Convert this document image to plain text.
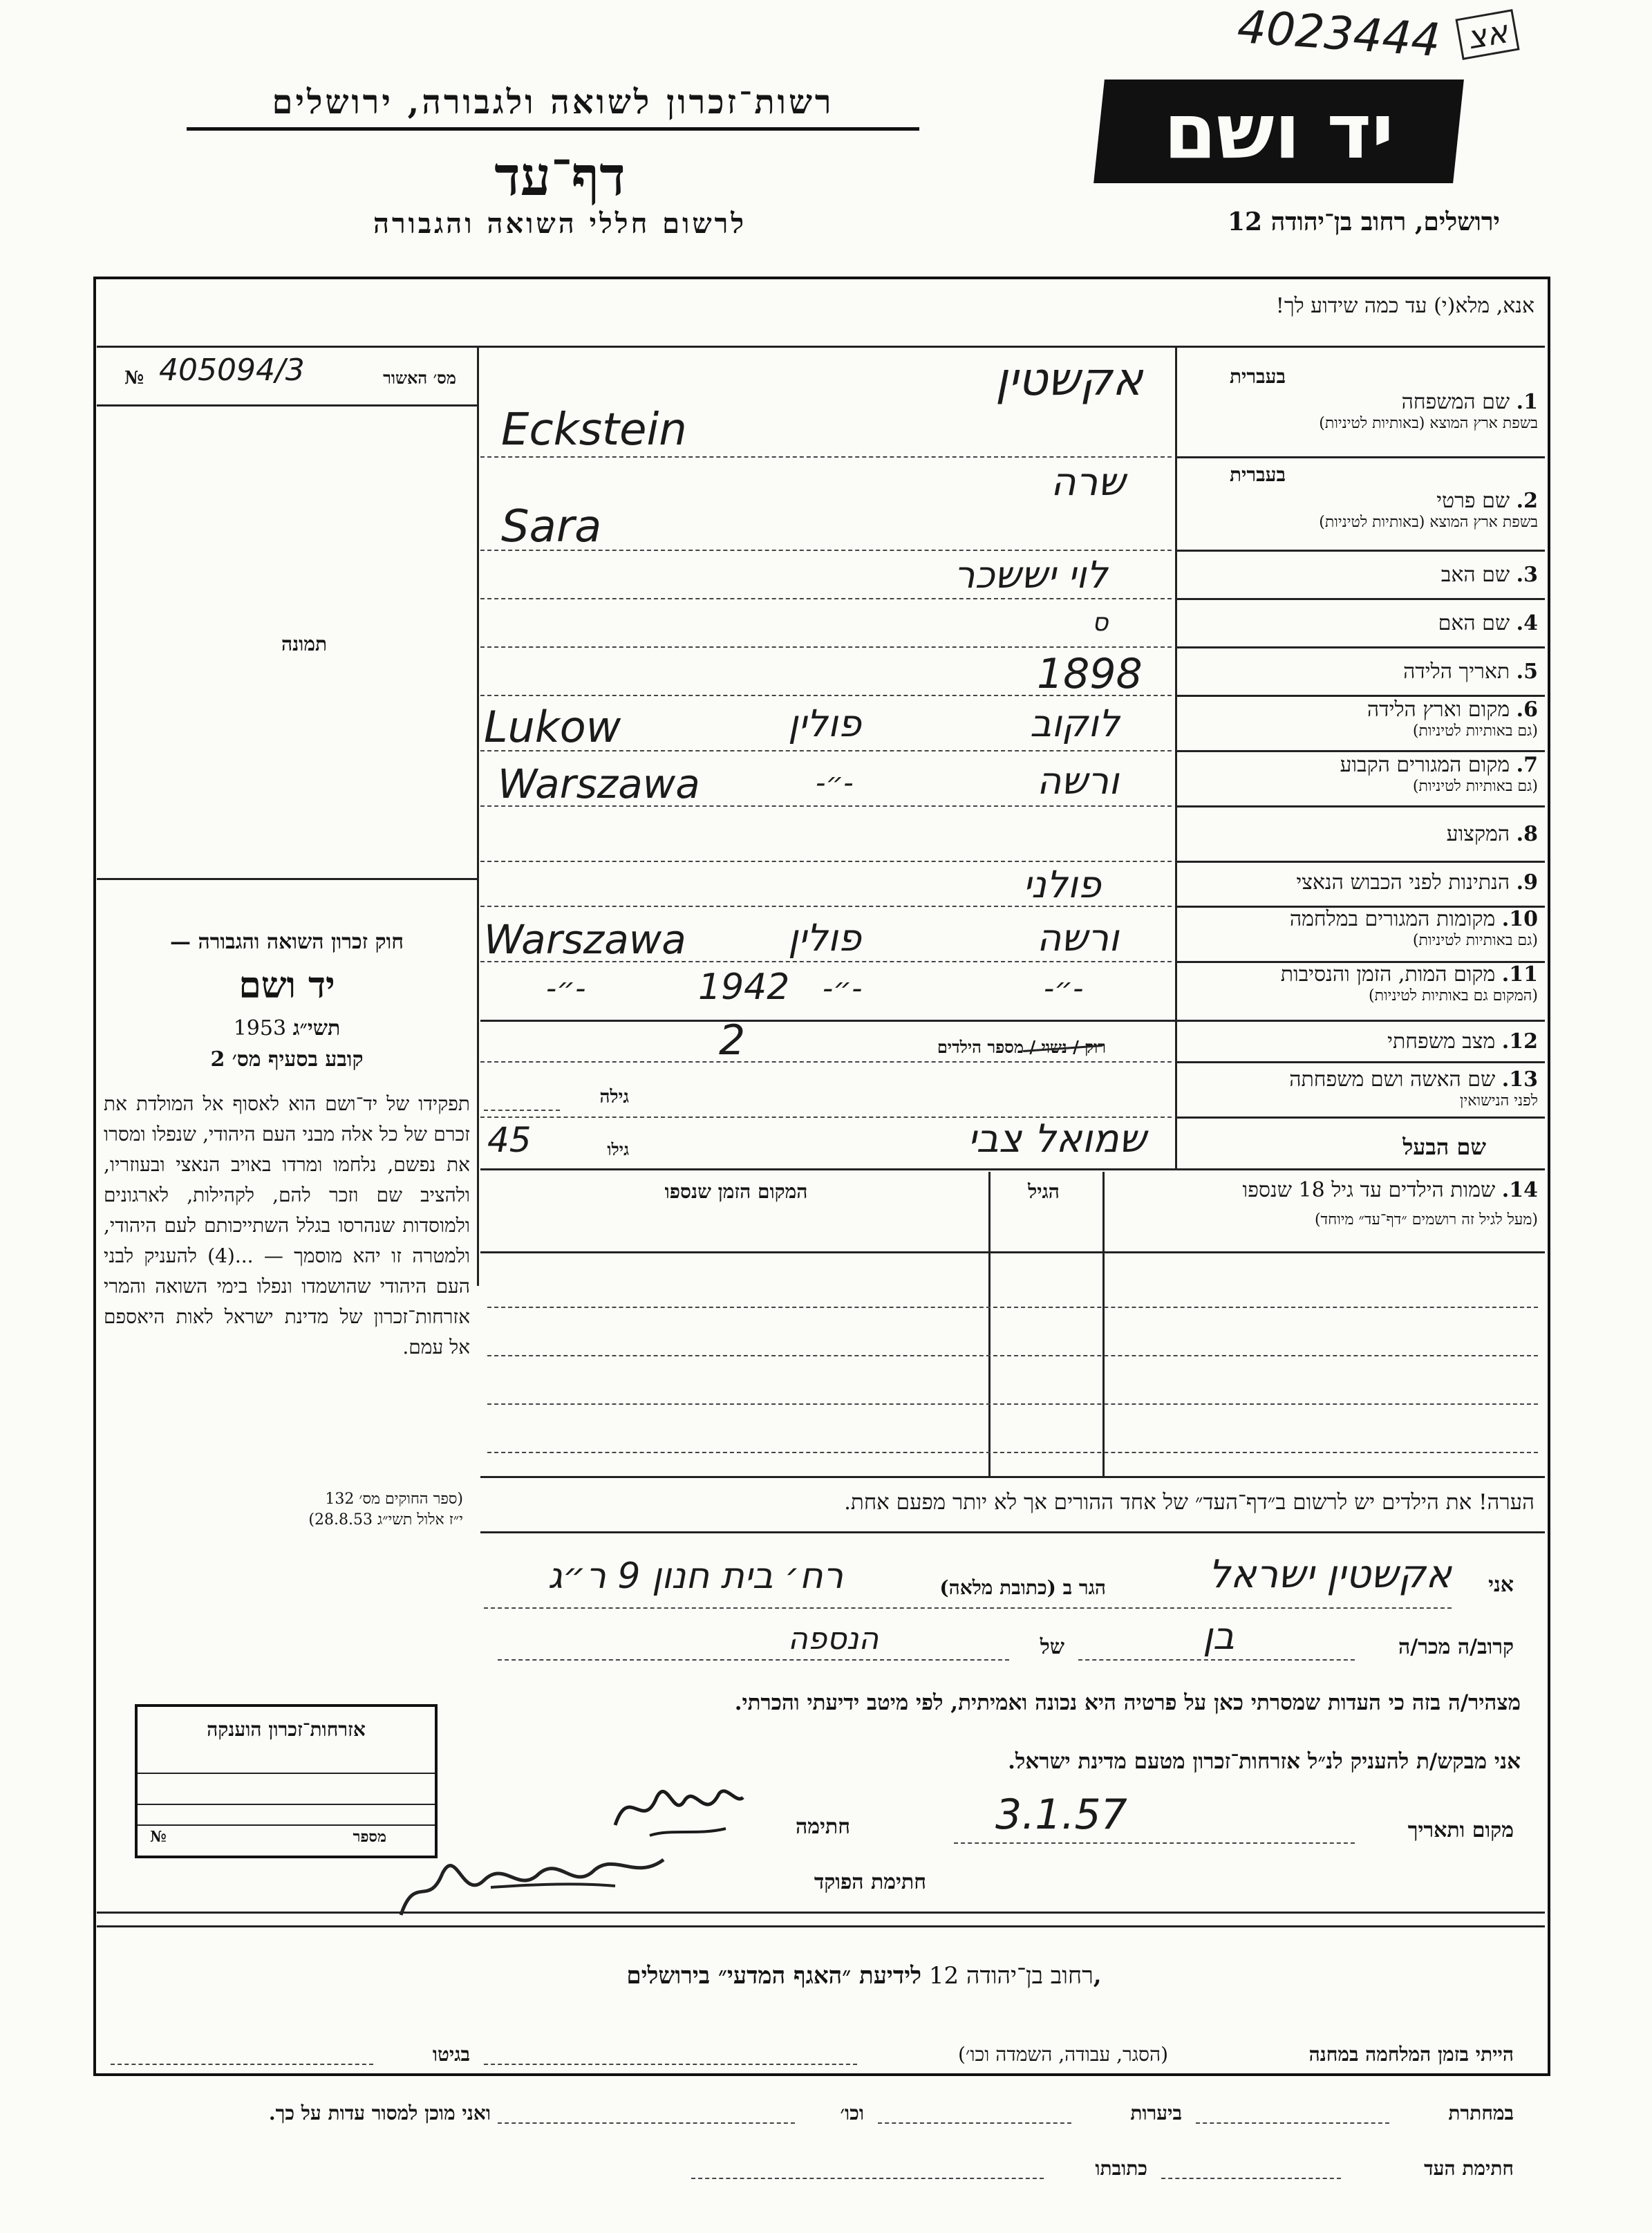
4023444 אצ
רשות־זכרון לשואה ולגבורה, ירושלים
דף־עד
לרשום חללי השואה והגבורה
יד ושם
ירושלים, רחוב בן־יהודה 12
אנא, מלא(י) עד כמה שידוע לך!
מס׳ האשור
№ 405094/3
תמונה
חוק זכרון השואה והגבורה —
יד ושם
1953 תשי״ג
קובע בסעיף מס׳ 2
תפקידו של יד־ושם הוא לאסוף אל המולדת את זכרם של כל אלה מבני העם היהודי, שנפלו ומסרו את נפשם, נלחמו ומרדו באויב הנאצי ובעוזריו, ולהציב שם וזכר להם, לקהילות, לארגונים ולמוסדות שנהרסו בגלל השתייכותם לעם היהודי, ולמטרה זו יהא מוסמך — ...(4) להעניק לבני העם היהודי שהושמדו ונפלו בימי השואה והמרי אזרחות־זכרון של מדינת ישראל לאות היאספם אל עמם.
(ספר החוקים מס׳ 132
י״ז אלול תשי״ג 28.8.53)
בעברית
1. שם המשפחה
בשפת ארץ המוצא (באותיות לטיניות)
אקשטין
Eckstein
בעברית
2. שם פרטי
בשפת ארץ המוצא (באותיות לטיניות)
שרה
Sara
3. שם האב
לוי יששכר
4. שם האם
ס
5. תאריך הלידה
1898
6. מקום וארץ הלידה
(גם באותיות לטיניות)
Lukow	פולין	לוקוב
7. מקום המגורים הקבוע
(גם באותיות לטיניות)
Warszawa	-״-	ורשה
8. המקצוע
9. הנתינות לפני הכבוש הנאצי
פולני
10. מקומות המגורים במלחמה
(גם באותיות לטיניות)
Warszawa	פולין	ורשה
11. מקום המות, הזמן והנסיבות
(המקום גם באותיות לטיניות)
-״-	1942 -״-	-״-
12. מצב משפחתי
רוק / נשוי / מספר הילדים
2
13. שם האשה ושם משפחתה
לפני הנישואין
גילה
שם הבעל
שמואל צבי
גילו
45
14. שמות הילדים עד גיל 18 שנספו
(מעל לגיל זה רושמים ״דף־עד״ מיוחד)
הגיל
המקום הזמן שנספו
הערה! את הילדים יש לרשום ב״דף־העד״ של אחד ההורים אך לא יותר מפעם אחת.
אני
אקשטין ישראל
הגר ב (כתובת מלאה)
רח׳ בית חנון 9 ר״ג
קרוב/ה מכר/ה
בן
של
הנספה
מצהיר/ה בזה כי העדות שמסרתי כאן על פרטיה היא נכונה ואמיתית, לפי מיטב ידיעתי והכרתי.
אני מבקש/ת להעניק לנ״ל אזרחות־זכרון מטעם מדינת ישראל.
מקום ותאריך
3.1.57
חתימה
חתימת הפוקד
אזרחות־זכרון הוענקה
מספר
№
רחוב בן־יהודה 12 לידיעת ״האגף המדעי״ בירושלים,
הייתי בזמן המלחמה במחנה
(הסגר, עבודה, השמדה וכו׳)
בגיטו
במחתרת
ביערות
וכו׳
ואני מוכן למסור עדות על כך.
חתימת העד
כתובתו
